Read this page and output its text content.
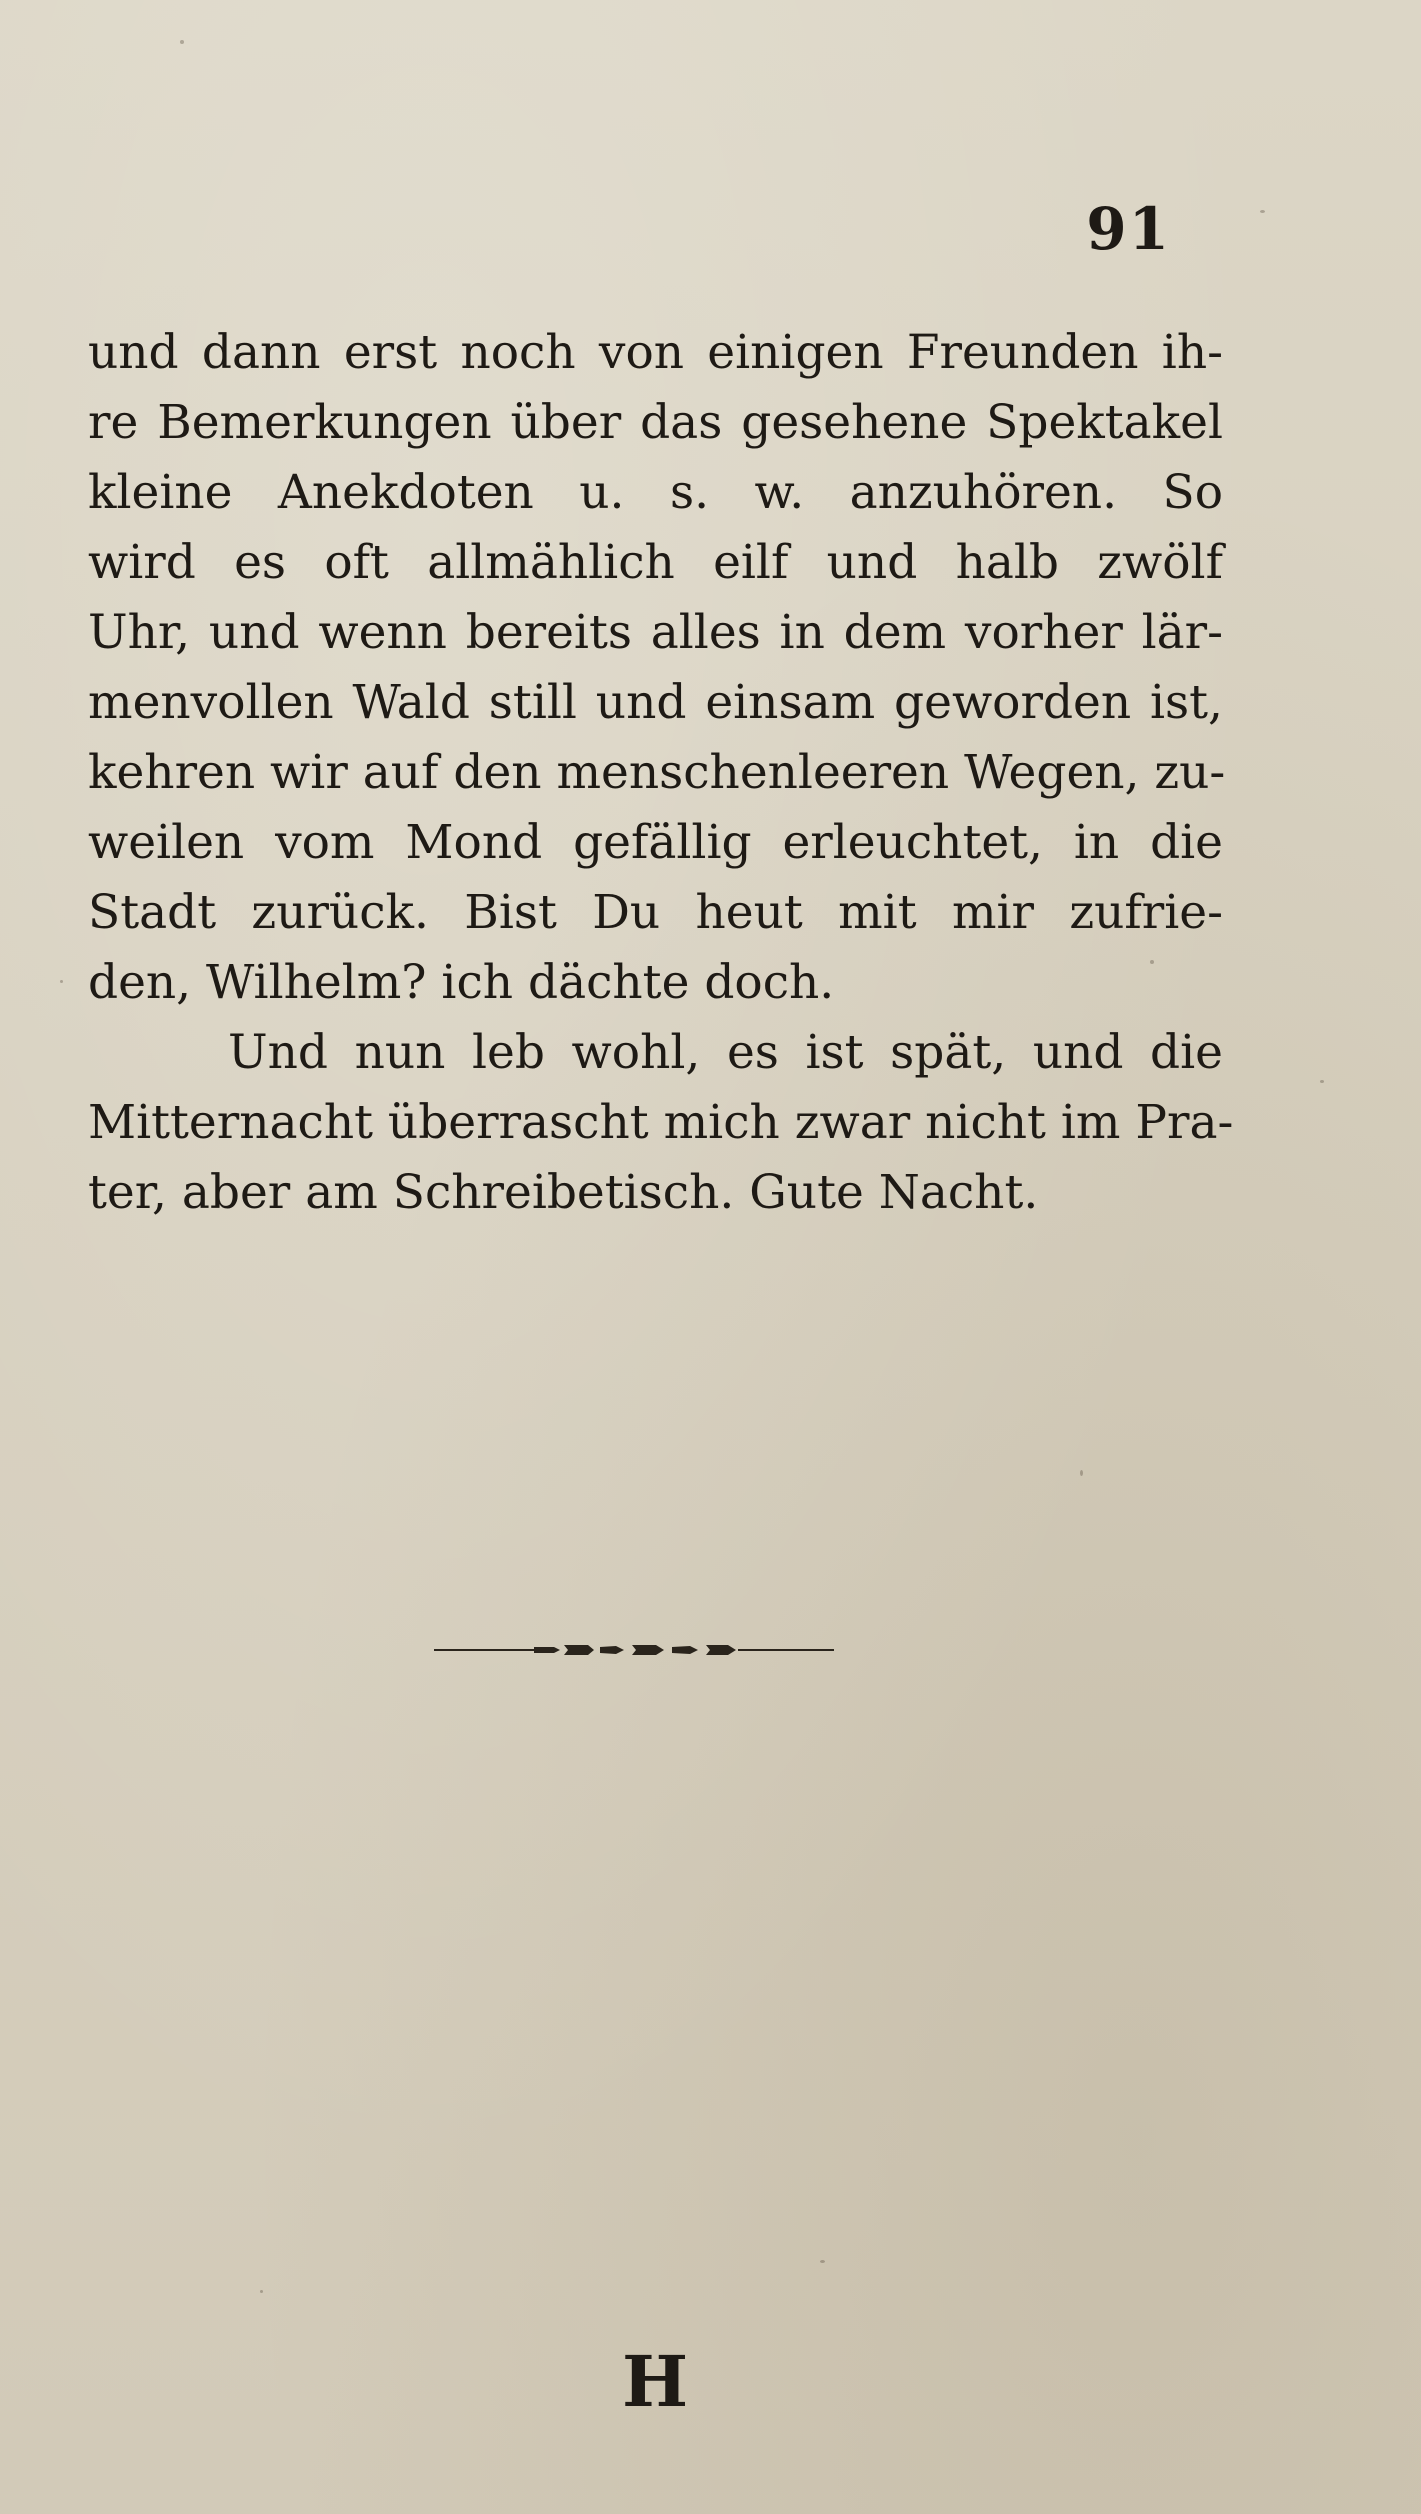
91
und dann erst noch von einigen Freunden ih-
re Bemerkungen über das gesehene Spektakel
kleine Anekdoten u. s. w. anzuhören. So
wird es oft allmählich eilf und halb zwölf
Uhr, und wenn bereits alles in dem vorher lär-
menvollen Wald still und einsam geworden ist,
kehren wir auf den menschenleeren Wegen, zu-
weilen vom Mond gefällig erleuchtet, in die
Stadt zurück. Bist Du heut mit mir zufrie-
den, Wilhelm? ich dächte doch.
Und nun leb wohl, es ist spät, und die
Mitternacht überrascht mich zwar nicht im Pra-
ter, aber am Schreibetisch. Gute Nacht.
H
